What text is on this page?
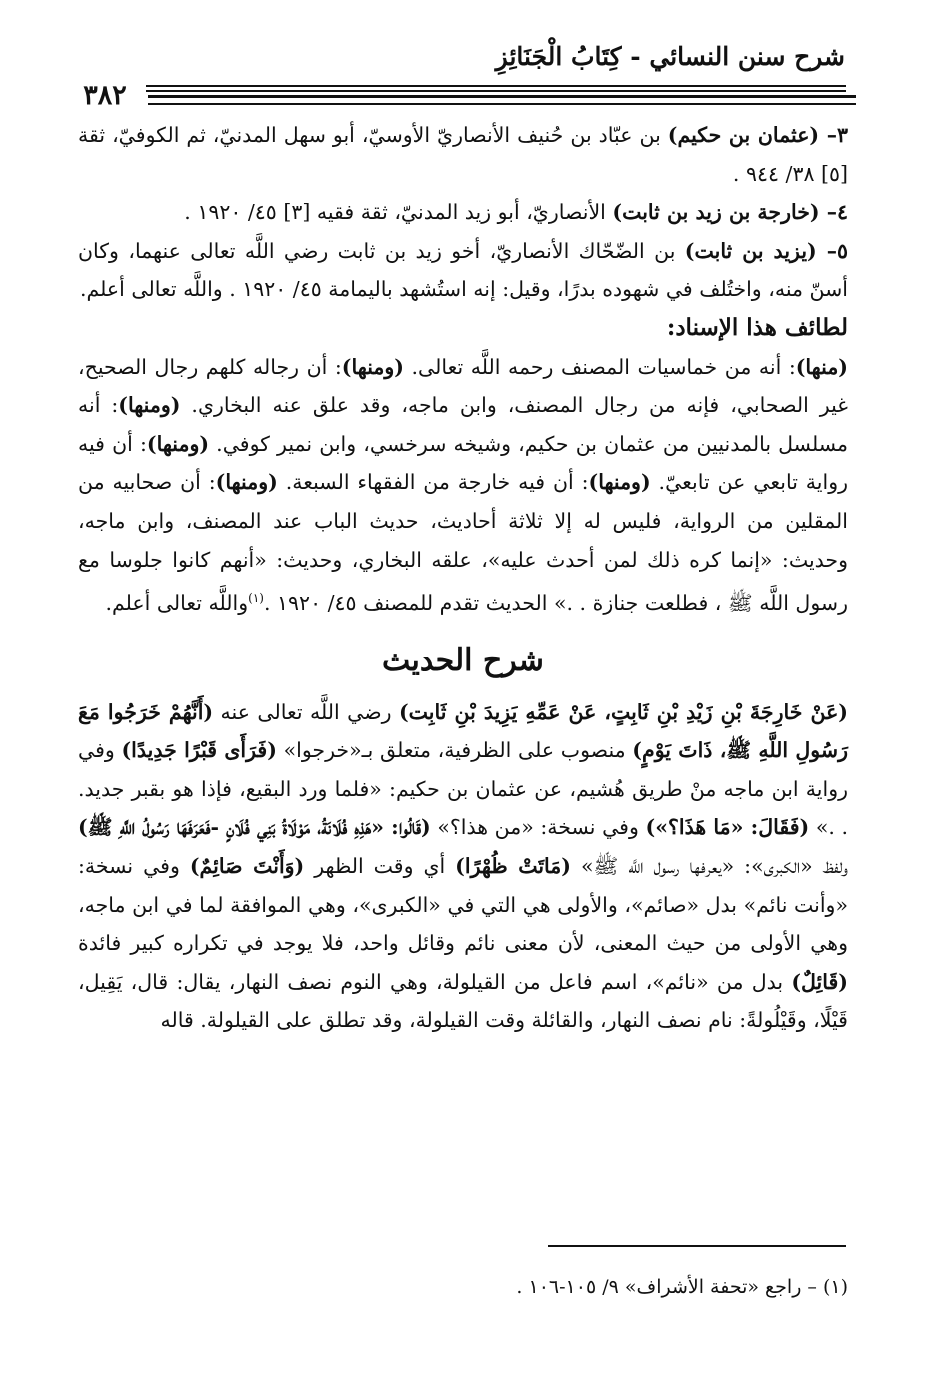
شرح سنن النسائي - كِتَابُ الْجَنَائِزِ
٣٨٢

٣– (عثمان بن حكيم) بن عبّاد بن حُنيف الأنصاريّ الأوسيّ، أبو سهل المدنيّ، ثم الكوفيّ، ثقة [٥] ٣٨/ ٩٤٤ .

٤– (خارجة بن زيد بن ثابت) الأنصاريّ، أبو زيد المدنيّ، ثقة فقيه [٣] ٤٥/ ١٩٢٠ .

٥– (يزيد بن ثابت) بن الضّحّاك الأنصاريّ، أخو زيد بن ثابت رضي اللَّه تعالى عنهما، وكان أسنّ منه، واختُلف في شهوده بدرًا، وقيل: إنه استُشهد باليمامة ٤٥/ ١٩٢٠ . واللَّه تعالى أعلم.

لطائف هذا الإسناد:

(منها): أنه من خماسيات المصنف رحمه اللَّه تعالى. (ومنها): أن رجاله كلهم رجال الصحيح، غير الصحابي، فإنه من رجال المصنف، وابن ماجه، وقد علق عنه البخاري. (ومنها): أنه مسلسل بالمدنيين من عثمان بن حكيم، وشيخه سرخسي، وابن نمير كوفي. (ومنها): أن فيه رواية تابعي عن تابعيّ. (ومنها): أن فيه خارجة من الفقهاء السبعة. (ومنها): أن صحابيه من المقلين من الرواية، فليس له إلا ثلاثة أحاديث، حديث الباب عند المصنف، وابن ماجه، وحديث: «إنما كره ذلك لمن أحدث عليه»، علقه البخاري، وحديث: «أنهم كانوا جلوسا مع رسول اللَّه ﷺ ، فطلعت جنازة . .» الحديث تقدم للمصنف ٤٥/ ١٩٢٠ .$^{(١)}$واللَّه تعالى أعلم.

شرح الحديث

(عَنْ خَارِجَةَ بْنِ زَيْدِ بْنِ ثَابِتٍ، عَنْ عَمِّهِ يَزِيدَ بْنِ ثَابِت) رضي اللَّه تعالى عنه (أَنَّهُمْ خَرَجُوا مَعَ رَسُولِ اللَّهِ ﷺ، ذَاتَ يَوْمٍ) منصوب على الظرفية، متعلق بـ«خرجوا» (فَرَأَى قَبْرًا جَدِيدًا) وفي رواية ابن ماجه منْ طريق هُشيم، عن عثمان بن حكيم: «فلما ورد البقيع، فإذا هو بقبر جديد. . .» (فَقَالَ: «مَا هَذَا؟») وفي نسخة: «من هذا؟» (قَالُوا: «هَذِهِ فُلَانَةُ، مَوْلَاةُ بَنِي فُلَانٍ -فَعَرَفَهَا رَسُولُ اللَّهِ ﷺ) ولفظ «الكبرى»: «يعرفها رسول اللَّه ﷺ» (مَاتَتْ ظُهْرًا) أي وقت الظهر (وَأَنْتَ صَائِمٌ) وفي نسخة: «وأنت نائم» بدل «صائم»، والأولى هي التي في «الكبرى»، وهي الموافقة لما في ابن ماجه، وهي الأولى من حيث المعنى، لأن معنى نائم وقائل واحد، فلا يوجد في تكراره كبير فائدة (قَائِلٌ) بدل من «نائم»، اسم فاعل من القيلولة، وهي النوم نصف النهار، يقال: قال، يَقِيل، قَيْلًا، وقَيْلُولةً: نام نصف النهار، والقائلة وقت القيلولة، وقد تطلق على القيلولة. قاله

(١) – راجع «تحفة الأشراف» ٩/ ١٠٥-١٠٦ .
